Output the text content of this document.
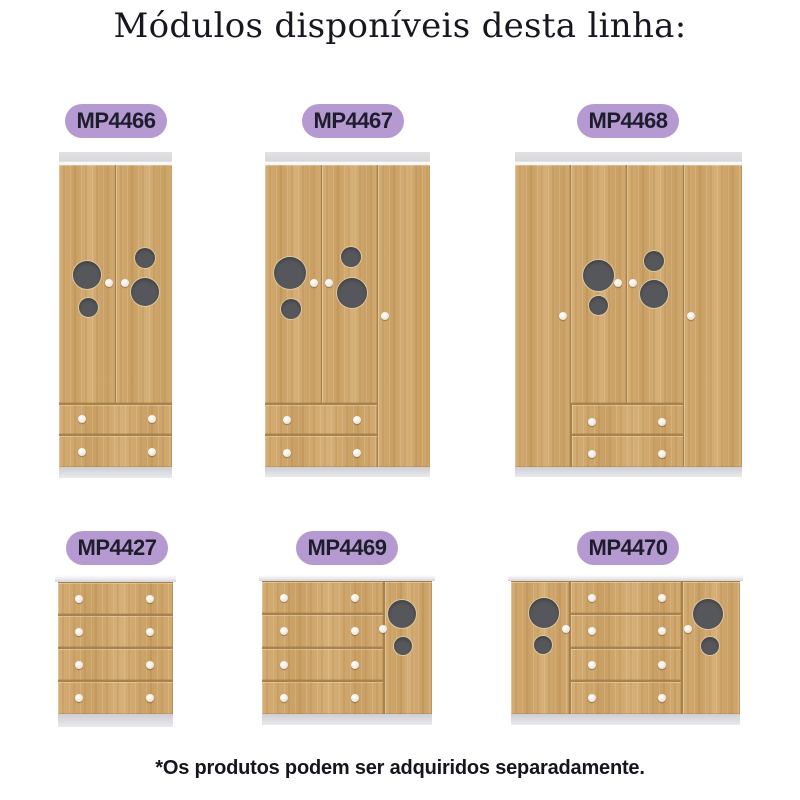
Módulos disponíveis desta linha:
MP4466	MP4467	MP4468
MP4427	MP4469	MP4470
*Os produtos podem ser adquiridos separadamente.
